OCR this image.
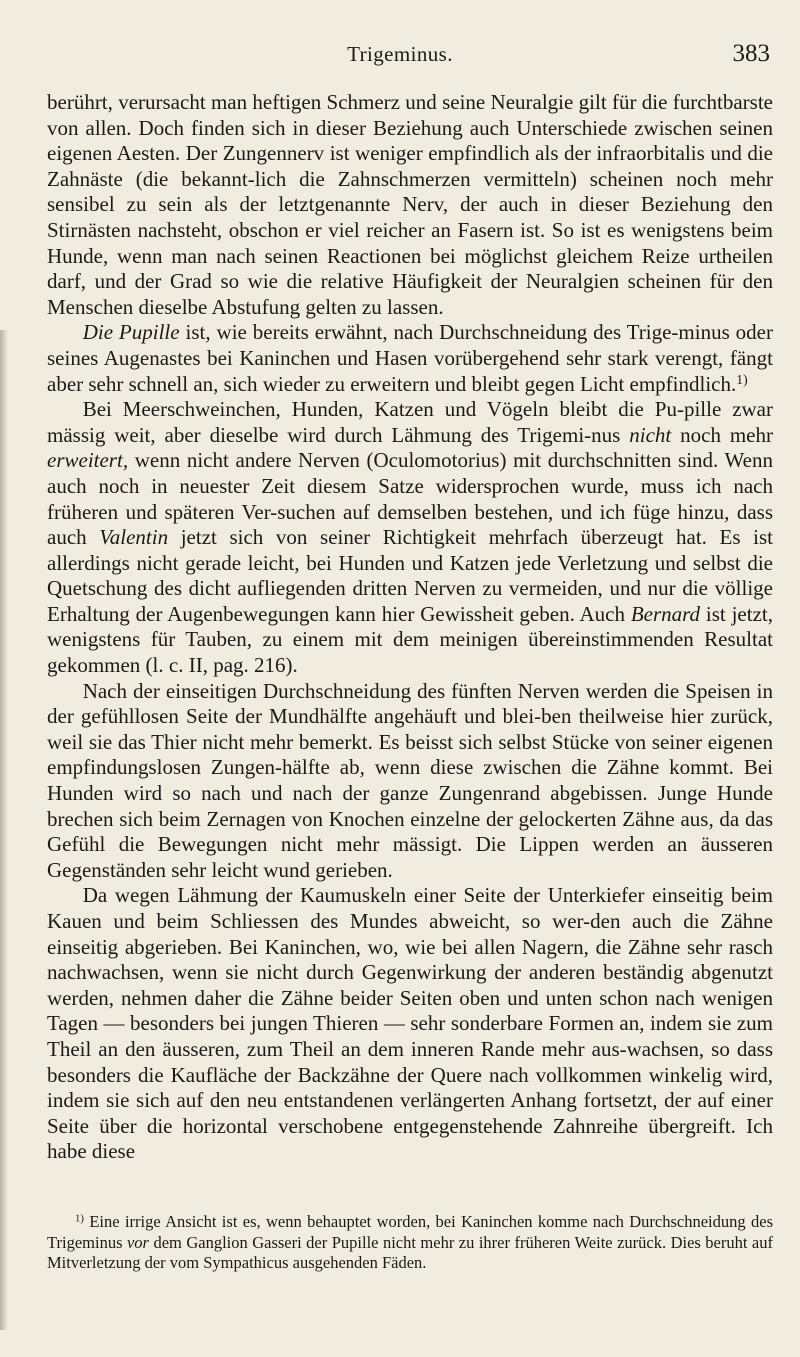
Trigeminus.	383

berührt, verursacht man heftigen Schmerz und seine Neuralgie gilt für die furchtbarste von allen. Doch finden sich in dieser Beziehung auch Unterschiede zwischen seinen eigenen Aesten. Der Zungennerv ist weniger empfindlich als der infraorbitalis und die Zahnäste (die bekannt-lich die Zahnschmerzen vermitteln) scheinen noch mehr sensibel zu sein als der letztgenannte Nerv, der auch in dieser Beziehung den Stirnästen nachsteht, obschon er viel reicher an Fasern ist. So ist es wenigstens beim Hunde, wenn man nach seinen Reactionen bei möglichst gleichem Reize urtheilen darf, und der Grad so wie die relative Häufigkeit der Neuralgien scheinen für den Menschen dieselbe Abstufung gelten zu lassen.

Die Pupille ist, wie bereits erwähnt, nach Durchschneidung des Trige-minus oder seines Augenastes bei Kaninchen und Hasen vorübergehend sehr stark verengt, fängt aber sehr schnell an, sich wieder zu erweitern und bleibt gegen Licht empfindlich.$^{1)}$

Bei Meerschweinchen, Hunden, Katzen und Vögeln bleibt die Pu-pille zwar mässig weit, aber dieselbe wird durch Lähmung des Trigemi-nus nicht noch mehr erweitert, wenn nicht andere Nerven (Oculomotorius) mit durchschnitten sind. Wenn auch noch in neuester Zeit diesem Satze widersprochen wurde, muss ich nach früheren und späteren Ver-suchen auf demselben bestehen, und ich füge hinzu, dass auch Valentin jetzt sich von seiner Richtigkeit mehrfach überzeugt hat. Es ist allerdings nicht gerade leicht, bei Hunden und Katzen jede Verletzung und selbst die Quetschung des dicht aufliegenden dritten Nerven zu vermeiden, und nur die völlige Erhaltung der Augenbewegungen kann hier Gewissheit geben. Auch Bernard ist jetzt, wenigstens für Tauben, zu einem mit dem meinigen übereinstimmenden Resultat gekommen (l. c. II, pag. 216).

Nach der einseitigen Durchschneidung des fünften Nerven werden die Speisen in der gefühllosen Seite der Mundhälfte angehäuft und blei-ben theilweise hier zurück, weil sie das Thier nicht mehr bemerkt. Es beisst sich selbst Stücke von seiner eigenen empfindungslosen Zungen-hälfte ab, wenn diese zwischen die Zähne kommt. Bei Hunden wird so nach und nach der ganze Zungenrand abgebissen. Junge Hunde brechen sich beim Zernagen von Knochen einzelne der gelockerten Zähne aus, da das Gefühl die Bewegungen nicht mehr mässigt. Die Lippen werden an äusseren Gegenständen sehr leicht wund gerieben.

Da wegen Lähmung der Kaumuskeln einer Seite der Unterkiefer einseitig beim Kauen und beim Schliessen des Mundes abweicht, so wer-den auch die Zähne einseitig abgerieben. Bei Kaninchen, wo, wie bei allen Nagern, die Zähne sehr rasch nachwachsen, wenn sie nicht durch Gegenwirkung der anderen beständig abgenutzt werden, nehmen daher die Zähne beider Seiten oben und unten schon nach wenigen Tagen — besonders bei jungen Thieren — sehr sonderbare Formen an, indem sie zum Theil an den äusseren, zum Theil an dem inneren Rande mehr aus-wachsen, so dass besonders die Kaufläche der Backzähne der Quere nach vollkommen winkelig wird, indem sie sich auf den neu entstandenen verlängerten Anhang fortsetzt, der auf einer Seite über die horizontal verschobene entgegenstehende Zahnreihe übergreift. Ich habe diese

$^{1)}$ Eine irrige Ansicht ist es, wenn behauptet worden, bei Kaninchen komme nach Durchschneidung des Trigeminus vor dem Ganglion Gasseri der Pupille nicht mehr zu ihrer früheren Weite zurück. Dies beruht auf Mitverletzung der vom Sympathicus ausgehenden Fäden.
